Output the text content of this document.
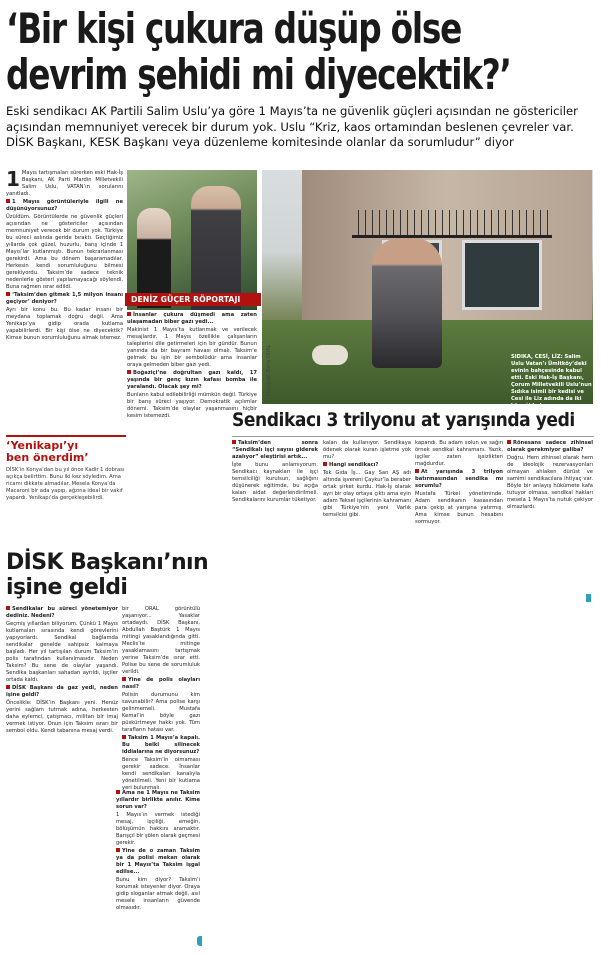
‘Bir kişi çukura düşüp ölse
devrim şehidi mi diyecektik?’
Eski sendikacı AK Partili Salim Uslu’ya göre 1 Mayıs’ta ne güvenlik güçleri açısından ne göstericiler
açısından memnuniyet verecek bir durum yok. Uslu “Kriz, kaos ortamından beslenen çevreler var.
DİSK Başkanı, KESK Başkanı veya düzenleme komitesinde olanlar da sorumludur” diyor
1 Mayıs tartışmaları sürerken eski Hak-İş Başkanı, AK Parti Mardin Milletvekili Salim Uslu, VATAN’ın sorularını yanıtladı.

1 Mayıs görüntüleriyle ilgili ne düşünüyorsunuz?

Üzüldüm. Görüntülerde ne güvenlik güçleri açısından ne göstericiler açısından memnuniyet verecek bir durum yok. Türkiye bu süreci aslında geride bıraktı. Geçtiğimiz yıllarda çok güzel, huzurlu, barış içinde 1 Mayıs’lar kutlanmıştı. Bunun tekrarlanması gerekirdi. Ama bu dönem başaramadılar. Herkesin kendi sorumluluğunu bilmesi gerekiyordu. Taksim’de sadece teknik nedenlerle gösteri yapılamayacağı söylendi. Buna rağmen ısrar edildi.

‘Taksim’den gitmek 1,5 milyon insanı geçiyor’ deniyor?

Ayrı bir konu bu. Bu kadar insanı bir meydana toplamak doğru değil. Ama Yenikapı’ya gidip orada kutlama yapabilirlerdi. Bir kişi ölse ne diyecektik? Kimse bunun sorumluluğunu almak istemez.

DENİZ GÜÇER RÖPORTAJI

İnsanlar çukura düşmedi ama zaten ulaşamadan biber gazı yedi...

Makinist 1 Mayıs’ta kutlanmak ve verilecek mesajlardır. 1 Mayıs özellikle çalışanların taleplerini dile getirmeleri için bir gündür. Bunun yanında da bir bayram havası olmalı. Taksim’e gelmek bu işin bir sembolüdür ama insanlar oraya gelmeden biber gazı yedi.

Boğaziçi’ne doğrultan gazı kaldı, 17 yaşında bir genç kızın kafası bomba ile yaralandı. Olacak şey mi?

Bunların kabul edilebilirliği mümkün değil. Türkiye bir barış süreci yaşıyor. Demokratik açılımlar dönemi. Taksim’de olaylar yaşanmasını hiçbir kesim istemezdi.

Fotoğraf: Barış ORAL	SIDIKA, CESİ, LİZ: Salim Uslu Vatan’ı Ümitköy’deki evinin bahçesinde kabul etti. Eski Hak-İş Başkanı, Çorum Milletvekili Uslu’nun Sıdıka isimli bir kedisi ve Cesi ile Liz adında da iki köpeği bulunuyor.
Sendikacı 3 trilyonu at yarışında yedi
‘Yenikapı’yı
ben önerdim’
DİSK’in Konya’dan bu yıl önce Kadir 1 dobrası açıkça belirttim. Bunu iki kez söyledim. Ama ricamı dikkate almadılar. Mesela Konya’da Macaroni bir ada yapıp, ağzına ideal bir vakıf yapardı. Yenikapı’da gerçekleşebilirdi.
DİSK Başkanı’nın
işine geldi

Taksim’den sonra “Sendikalı işçi sayısı giderek azalıyor” eleştirisi artık...

İşte bunu anlamıyorum. Sendikacı kaynakları ile işçi temsilciliği kurulsun, sağlığını düşünerek eğitimde, bu açığa kalan aidat değerlendirilmeli. Sendikalarını kurumlar tüketiyor.

kalan da kullanıyor. Sendikaya ödenek olarak kuran işletme yok mu?

Hangi sendikacı?

Tek Gıda İş... Gay San AŞ adı altında işvereni Çaykur’la beraber ortak şirket kurdu. Hak-İş olarak ayrı bir olay ortaya çıktı ama eyin adam Teksel işçilerinin kahramanı gibi Türkiye’nin yeni Varlık temsilcisi gibi.

kapandı. Bu adam solun ve sağın örnek sendikal kahramanı. Yazık, işçiler zaten işsizlikten mağdurdur.

At yarışında 3 trilyon batırmasından sendika mı sorumlu?

Mustafa Türkel yönetiminde. Adam sendikanın kasasından para çekip at yarışına yatırmış. Ama kimse bunun hesabını sormuyor.

Rönesans sadece zihinsel olarak gerekmiyor galiba?

Doğru. Hem zihinsel olarak hem de ideolojik rezervasyonları olmayan ahlaken dürüst ve samimi sendikacılara ihtiyaç var. Böyle bir anlayış hükümete kafa tutuyor olmasa, sendikal hakları mesela 1 Mayıs’ta nutuk çekiyor olmazlardı.

Sendikalar bu süreci yönetemiyor dediniz. Nedeni?

Geçmiş yıllardan biliyorum. Çünkü 1 Mayıs kutlamaları sırasında kendi görevlerini yapıyorlardı. Sendikal bağlamda sendikalar genelde sahipsiz kalmaya başladı. Her yıl tartışılan durum Taksim’in polis tarafından kullanılmasıdır. Neden Taksim? Bu sene de olaylar yaşandı. Sendika başkanları sahadan ayrıldı, işçiler ortada kaldı.

DİSK Başkanı da gaz yedi, neden işine geldi?

Öncelikle: DİSK’in Başkanı yeni. Henüz yerini sağlam tutmak adına, herkesten daha eylemci, çatışmacı, militan bir imaj vermek istiyor. Onun için Taksim ısrarı bir sembol oldu. Kendi tabanına mesaj verdi.

bir ORAL görüntülü yaşanıyor... Yasaklar ortadaydı. DİSK Başkanı, Abdullah Baştürk 1 Mayıs mitingi yasaklandığında gitti. Meclis’te mitinge yasaklamasını tartışmak yerine Taksim’de ısrar etti. Polise bu sene de sorumluluk verildi.

Yine de polis olayları nasıl?

Polisin durumunu kim savunabilir? Ama polise karşı gelinmemeli. Mustafa Kemal’in böyle gazı püskürtmeye hakkı yok. Tüm tarafların hatası var.

Taksim 1 Mayıs’a kapalı. Bu belki silinecek iddialarına ne diyorsunuz?

Bence Taksim’in olmaması gerekir sadece. İnsanlar kendi sendikaları kanalıyla yönetilmeli. Yeni bir kutlama yeri bulunmalı.

Ama ne 1 Mayıs ne Taksim yıllardır birlikte anılır. Kime sorun var?

1 Mayıs’ın vermek istediği mesaj, işçiliği, emeğin, bölüşümün hakkını aramaktır. Barışçıl bir şölen olarak geçmesi gerekir.

Yine de o zaman Taksim ya da polisi mekan olarak bir 1 Mayıs’ta Taksim işgal edilse...

Bunu kim diyor? Taksim’i korumak isteyenler diyor. Oraya gidip sloganlar atmak değil, asıl mesele insanların güvende olmasıdır.
